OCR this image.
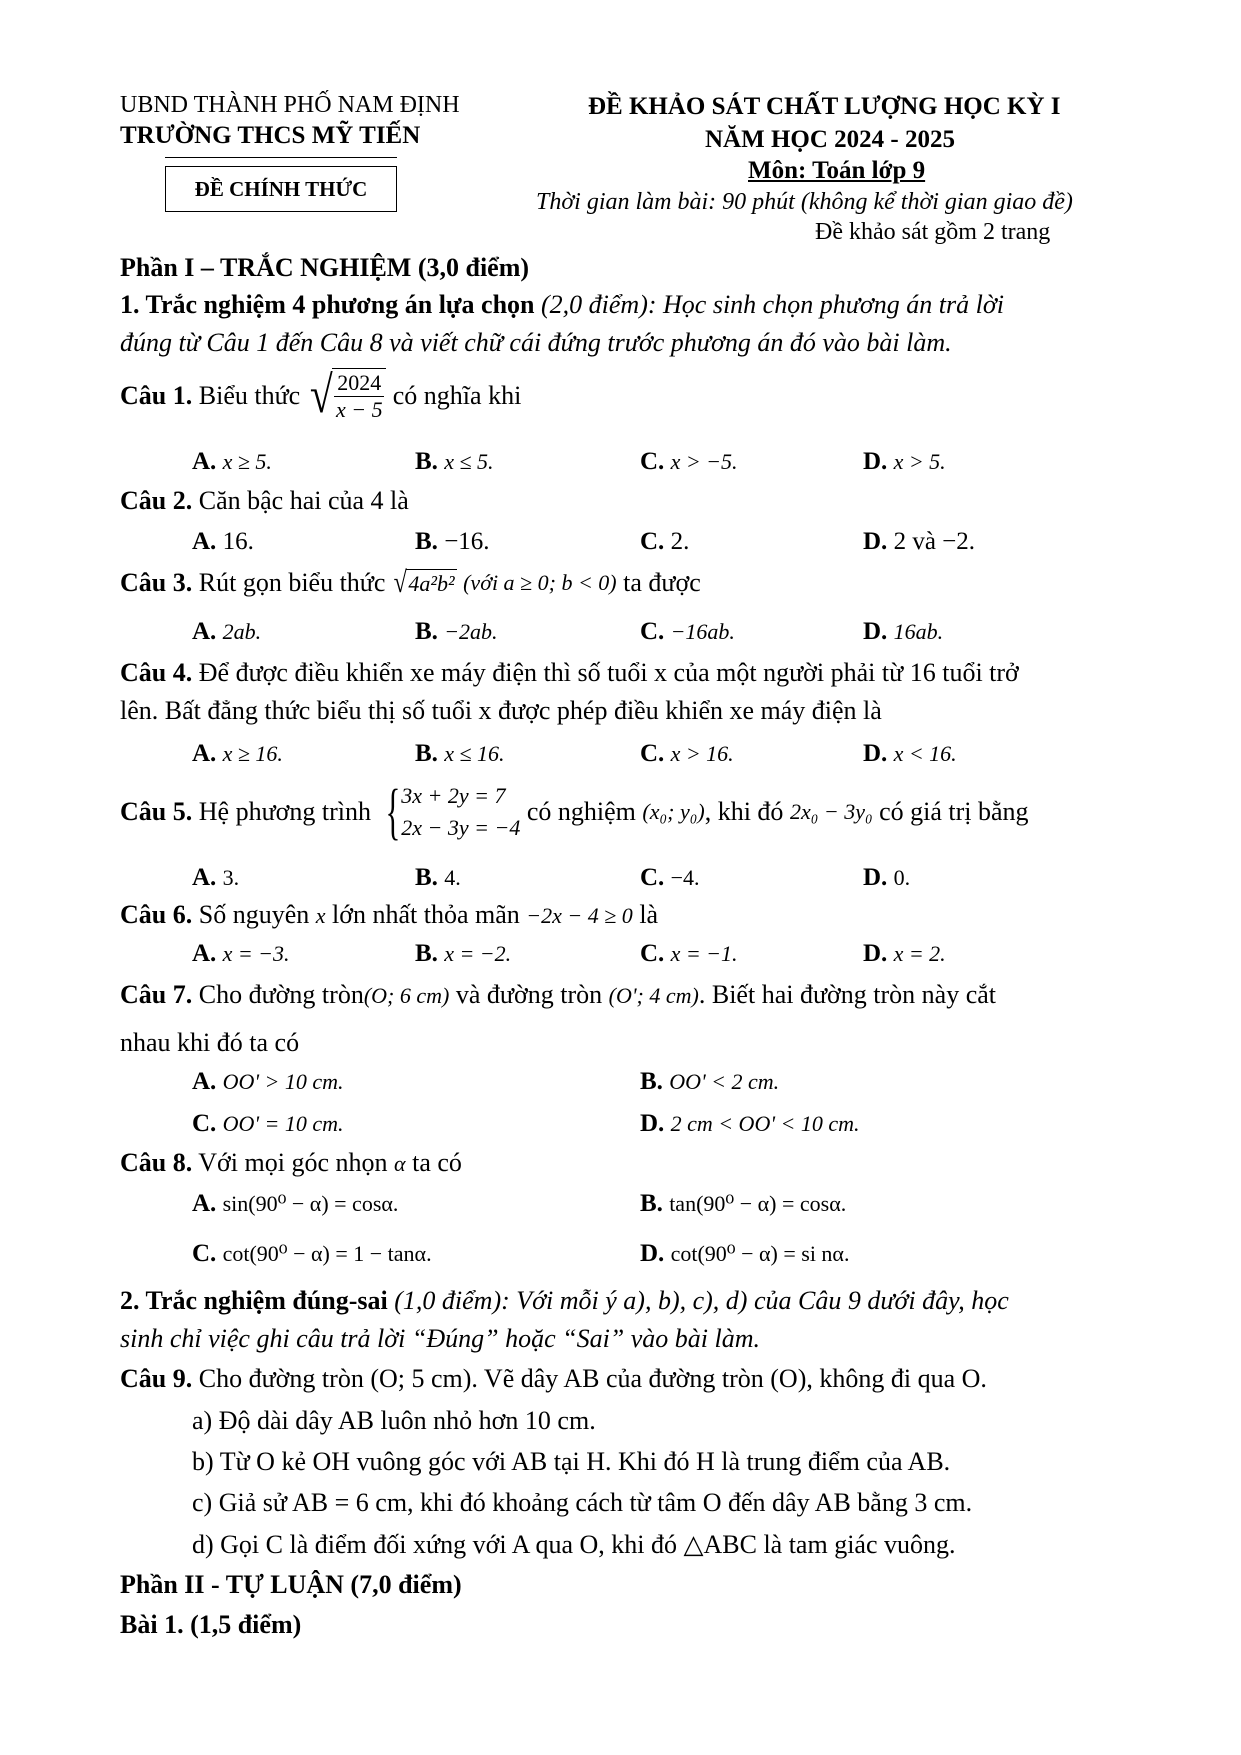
UBND THÀNH PHỐ NAM ĐỊNH
TRƯỜNG THCS MỸ TIẾN
ĐỀ CHÍNH THỨC
ĐỀ KHẢO SÁT CHẤT LƯỢNG HỌC KỲ I
NĂM HỌC 2024 - 2025
Môn: Toán lớp 9
Thời gian làm bài: 90 phút (không kể thời gian giao đề)
Đề khảo sát gồm 2 trang
Phần I – TRẮC NGHIỆM (3,0 điểm)
1. Trắc nghiệm 4 phương án lựa chọn (2,0 điểm): Học sinh chọn phương án trả lời
đúng từ Câu 1 đến Câu 8 và viết chữ cái đứng trước phương án đó vào bài làm.
Câu 1. Biểu thức √ $\frac{2024}{x - 5}$ có nghĩa khi
A. x ≥ 5.	B. x ≤ 5.	C. x > −5.	D. x > 5.
Câu 2. Căn bậc hai của 4 là
A. 16.	B. −16.	C. 2.	D. 2 và −2.
Câu 3. Rút gọn biểu thức √ 4a²b²
(với a ≥ 0; b < 0) ta được
A. 2ab.	B. −2ab.	C. −16ab.	D. 16ab.
Câu 4. Để được điều khiển xe máy điện thì số tuổi x của một người phải từ 16 tuổi trở
lên. Bất đẳng thức biểu thị số tuổi x được phép điều khiển xe máy điện là
A. x ≥ 16.	B. x ≤ 16.	C. x > 16.	D. x < 16.
Câu 5. Hệ phương trình { 3x + 2y = 7
2x − 3y = −4
có nghiệm (x₀; y₀) , khi đó 2x₀ − 3y₀ có giá trị bằng
A. 3.	B. 4.	C. −4.	D. 0.
Câu 6. Số nguyên x lớn nhất thỏa mãn −2x − 4 ≥ 0 là
A. x = −3.	B. x = −2.	C. x = −1.	D. x = 2.
Câu 7. Cho đường tròn(O; 6 cm) và đường tròn (O'; 4 cm). Biết hai đường tròn này cắt
nhau khi đó ta có
A. OO' > 10 cm.	B. OO' < 2 cm.
C. OO' = 10 cm.	D. 2 cm < OO' < 10 cm.
Câu 8. Với mọi góc nhọn α ta có
A. sin(90⁰ − α) = cosα.	B. tan(90⁰ − α) = cosα.
C. cot(90⁰ − α) = 1 − tanα.	D. cot(90⁰ − α) = si nα.
2. Trắc nghiệm đúng-sai (1,0 điểm): Với mỗi ý a), b), c), d) của Câu 9 dưới đây, học
sinh chỉ việc ghi câu trả lời “Đúng” hoặc “Sai” vào bài làm.
Câu 9. Cho đường tròn (O; 5 cm). Vẽ dây AB của đường tròn (O), không đi qua O.
a) Độ dài dây AB luôn nhỏ hơn 10 cm.
b) Từ O kẻ OH vuông góc với AB tại H. Khi đó H là trung điểm của AB.
c) Giả sử AB = 6 cm, khi đó khoảng cách từ tâm O đến dây AB bằng 3 cm.
d) Gọi C là điểm đối xứng với A qua O, khi đó △ABC là tam giác vuông.
Phần II - TỰ LUẬN (7,0 điểm)
Bài 1. (1,5 điểm)
